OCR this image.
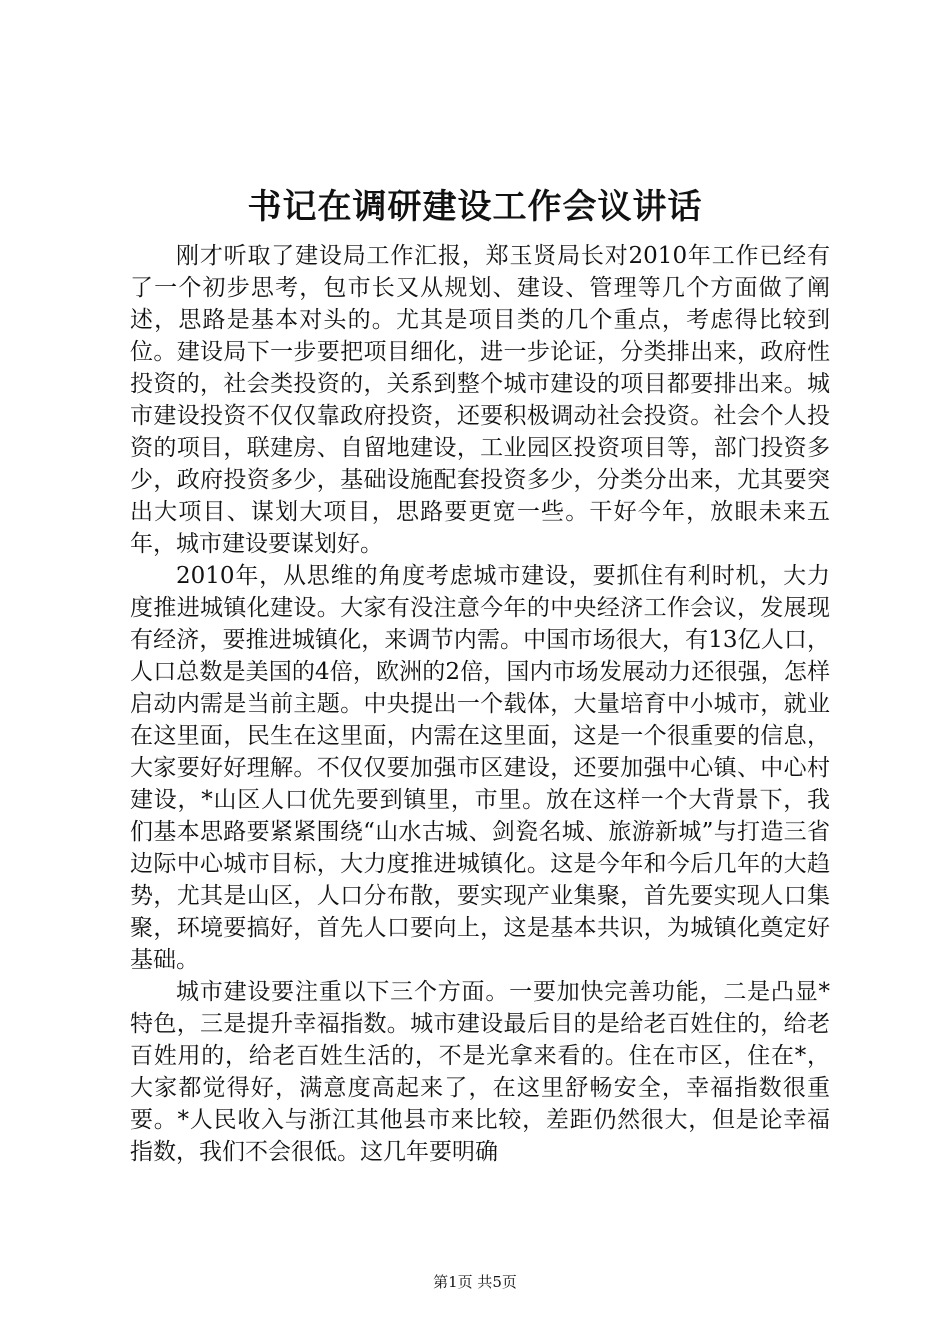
书记在调研建设工作会议讲话

刚才听取了建设局工作汇报，郑玉贤局长对2010年工作已经有了一个初步思考，包市长又从规划、建设、管理等几个方面做了阐述，思路是基本对头的。尤其是项目类的几个重点，考虑得比较到位。建设局下一步要把项目细化，进一步论证，分类排出来，政府性投资的，社会类投资的，关系到整个城市建设的项目都要排出来。城市建设投资不仅仅靠政府投资，还要积极调动社会投资。社会个人投资的项目，联建房、自留地建设，工业园区投资项目等，部门投资多少，政府投资多少，基础设施配套投资多少，分类分出来，尤其要突出大项目、谋划大项目，思路要更宽一些。干好今年，放眼未来五年，城市建设要谋划好。

2010年，从思维的角度考虑城市建设，要抓住有利时机，大力度推进城镇化建设。大家有没注意今年的中央经济工作会议，发展现有经济，要推进城镇化，来调节内需。中国市场很大，有13亿人口，人口总数是美国的4倍，欧洲的2倍，国内市场发展动力还很强，怎样启动内需是当前主题。中央提出一个载体，大量培育中小城市，就业在这里面，民生在这里面，内需在这里面，这是一个很重要的信息，大家要好好理解。不仅仅要加强市区建设，还要加强中心镇、中心村建设，*山区人口优先要到镇里，市里。放在这样一个大背景下，我们基本思路要紧紧围绕“山水古城、剑瓷名城、旅游新城”与打造三省边际中心城市目标，大力度推进城镇化。这是今年和今后几年的大趋势，尤其是山区，人口分布散，要实现产业集聚，首先要实现人口集聚，环境要搞好，首先人口要向上，这是基本共识，为城镇化奠定好基础。

城市建设要注重以下三个方面。一要加快完善功能，二是凸显*特色，三是提升幸福指数。城市建设最后目的是给老百姓住的，给老百姓用的，给老百姓生活的，不是光拿来看的。住在市区，住在*，大家都觉得好，满意度高起来了，在这里舒畅安全，幸福指数很重要。*人民收入与浙江其他县市来比较，差距仍然很大，但是论幸福指数，我们不会很低。这几年要明确

第1页 共5页
